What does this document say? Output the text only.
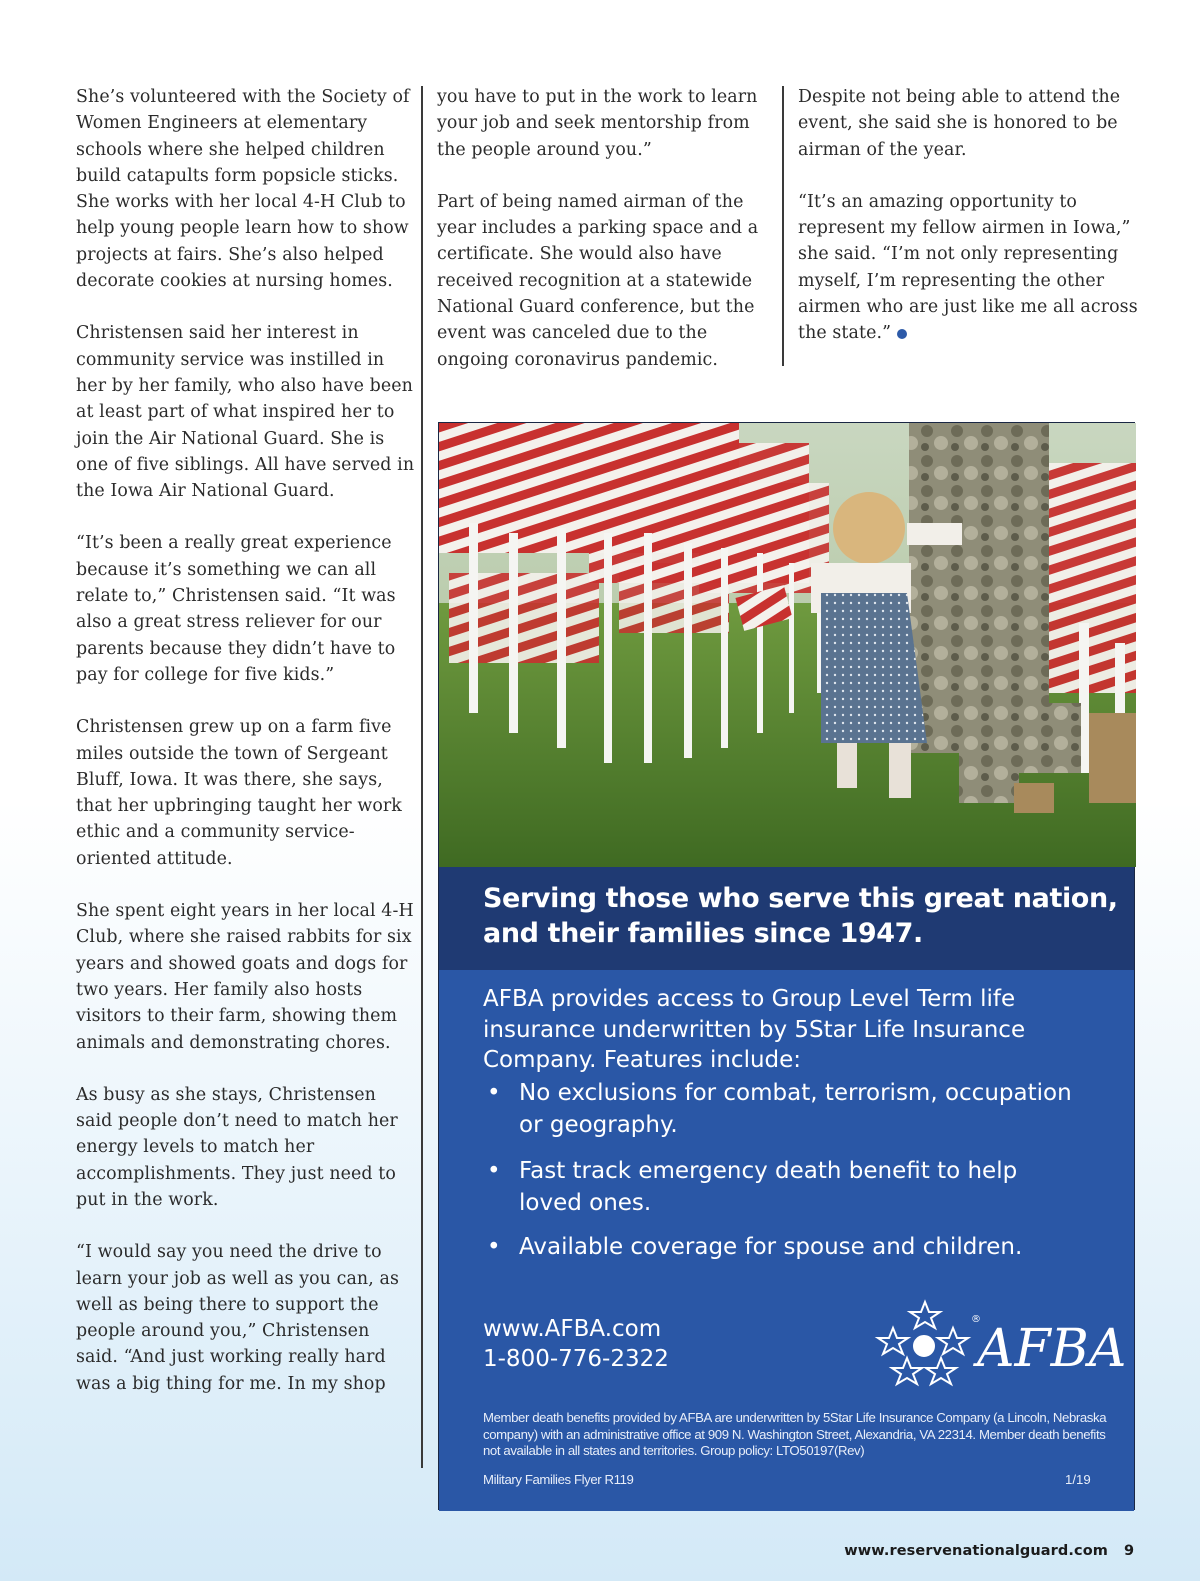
She’s volunteered with the Society of Women Engineers at elementary schools where she helped children build catapults form popsicle sticks. She works with her local 4-H Club to help young people learn how to show projects at fairs. She’s also helped decorate cookies at nursing homes.

Christensen said her interest in community service was instilled in her by her family, who also have been at least part of what inspired her to join the Air National Guard. She is one of five siblings. All have served in the Iowa Air National Guard.

“It’s been a really great experience because it’s something we can all relate to,” Christensen said. “It was also a great stress reliever for our parents because they didn’t have to pay for college for five kids.”

Christensen grew up on a farm five miles outside the town of Sergeant Bluff, Iowa. It was there, she says, that her upbringing taught her work ethic and a community service-oriented attitude.

She spent eight years in her local 4-H Club, where she raised rabbits for six years and showed goats and dogs for two years. Her family also hosts visitors to their farm, showing them animals and demonstrating chores.

As busy as she stays, Christensen said people don’t need to match her energy levels to match her accomplishments. They just need to put in the work.

“I would say you need the drive to learn your job as well as you can, as well as being there to support the people around you,” Christensen said. “And just working really hard was a big thing for me. In my shop

you have to put in the work to learn your job and seek mentorship from the people around you.”

Part of being named airman of the year includes a parking space and a certificate. She would also have received recognition at a statewide National Guard conference, but the event was canceled due to the ongoing coronavirus pandemic.

Despite not being able to attend the event, she said she is honored to be airman of the year.

“It’s an amazing opportunity to represent my fellow airmen in Iowa,” she said. “I’m not only representing myself, I’m representing the other airmen who are just like me all across the state.”

Serving those who serve this great nation, and their families since 1947.
AFBA provides access to Group Level Term life insurance underwritten by 5Star Life Insurance Company. Features include:
• No exclusions for combat, terrorism, occupation or geography.
• Fast track emergency death benefit to help loved ones.
• Available coverage for spouse and children.
www.AFBA.com
1-800-776-2322	AFBA
®
Member death benefits provided by AFBA are underwritten by 5Star Life Insurance Company (a Lincoln, Nebraska company) with an administrative office at 909 N. Washington Street, Alexandria, VA 22314. Member death benefits not available in all states and territories. Group policy: LTO50197(Rev)
Military Families Flyer R119	1/19
www.reservenationalguard.com 9
